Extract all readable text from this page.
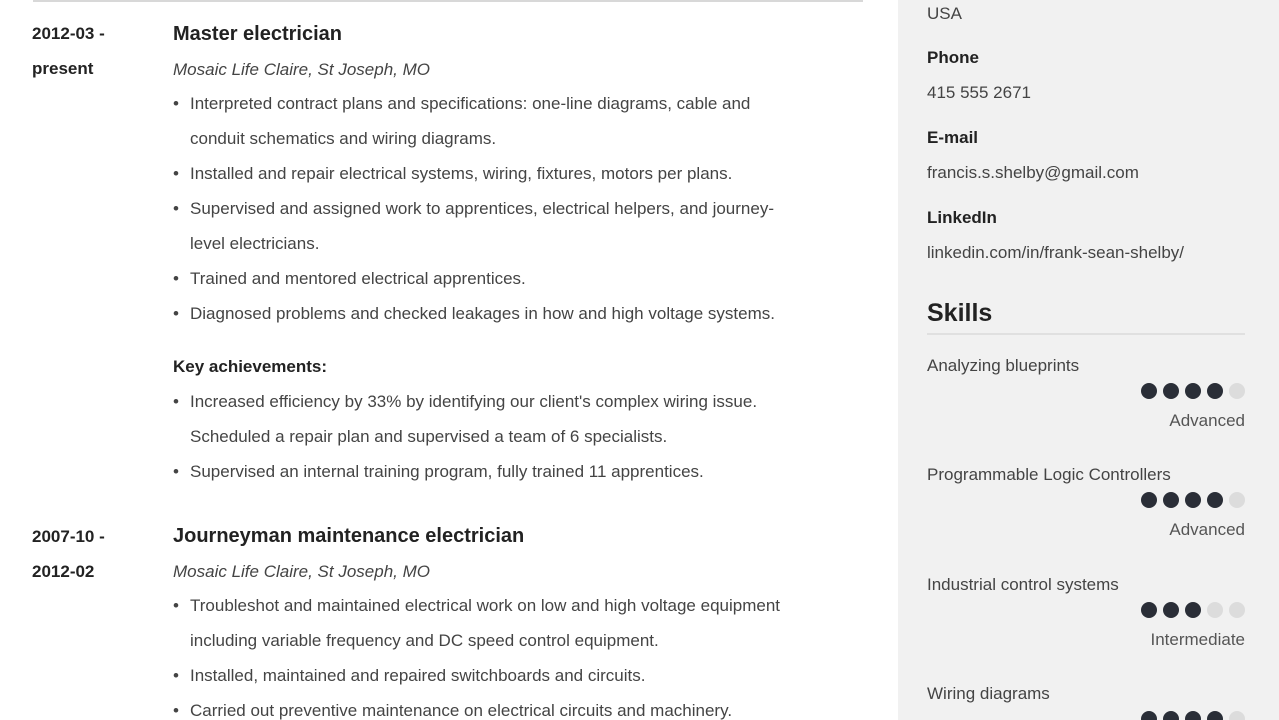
2012-03 -
present
Master electrician
Mosaic Life Claire, St Joseph, MO
• Interpreted contract plans and specifications: one-line diagrams, cable and
conduit schematics and wiring diagrams.
• Installed and repair electrical systems, wiring, fixtures, motors per plans.
• Supervised and assigned work to apprentices, electrical helpers, and journey-
level electricians.
• Trained and mentored electrical apprentices.
• Diagnosed problems and checked leakages in how and high voltage systems.
Key achievements:
• Increased efficiency by 33% by identifying our client's complex wiring issue.
Scheduled a repair plan and supervised a team of 6 specialists.
• Supervised an internal training program, fully trained 11 apprentices.
2007-10 -
2012-02
Journeyman maintenance electrician
Mosaic Life Claire, St Joseph, MO
• Troubleshot and maintained electrical work on low and high voltage equipment
including variable frequency and DC speed control equipment.
• Installed, maintained and repaired switchboards and circuits.
• Carried out preventive maintenance on electrical circuits and machinery.
USA
Phone
415 555 2671
E-mail
francis.s.shelby@gmail.com
LinkedIn
linkedin.com/in/frank-sean-shelby/
Skills
Analyzing blueprints
Advanced
Programmable Logic Controllers
Advanced
Industrial control systems
Intermediate
Wiring diagrams
